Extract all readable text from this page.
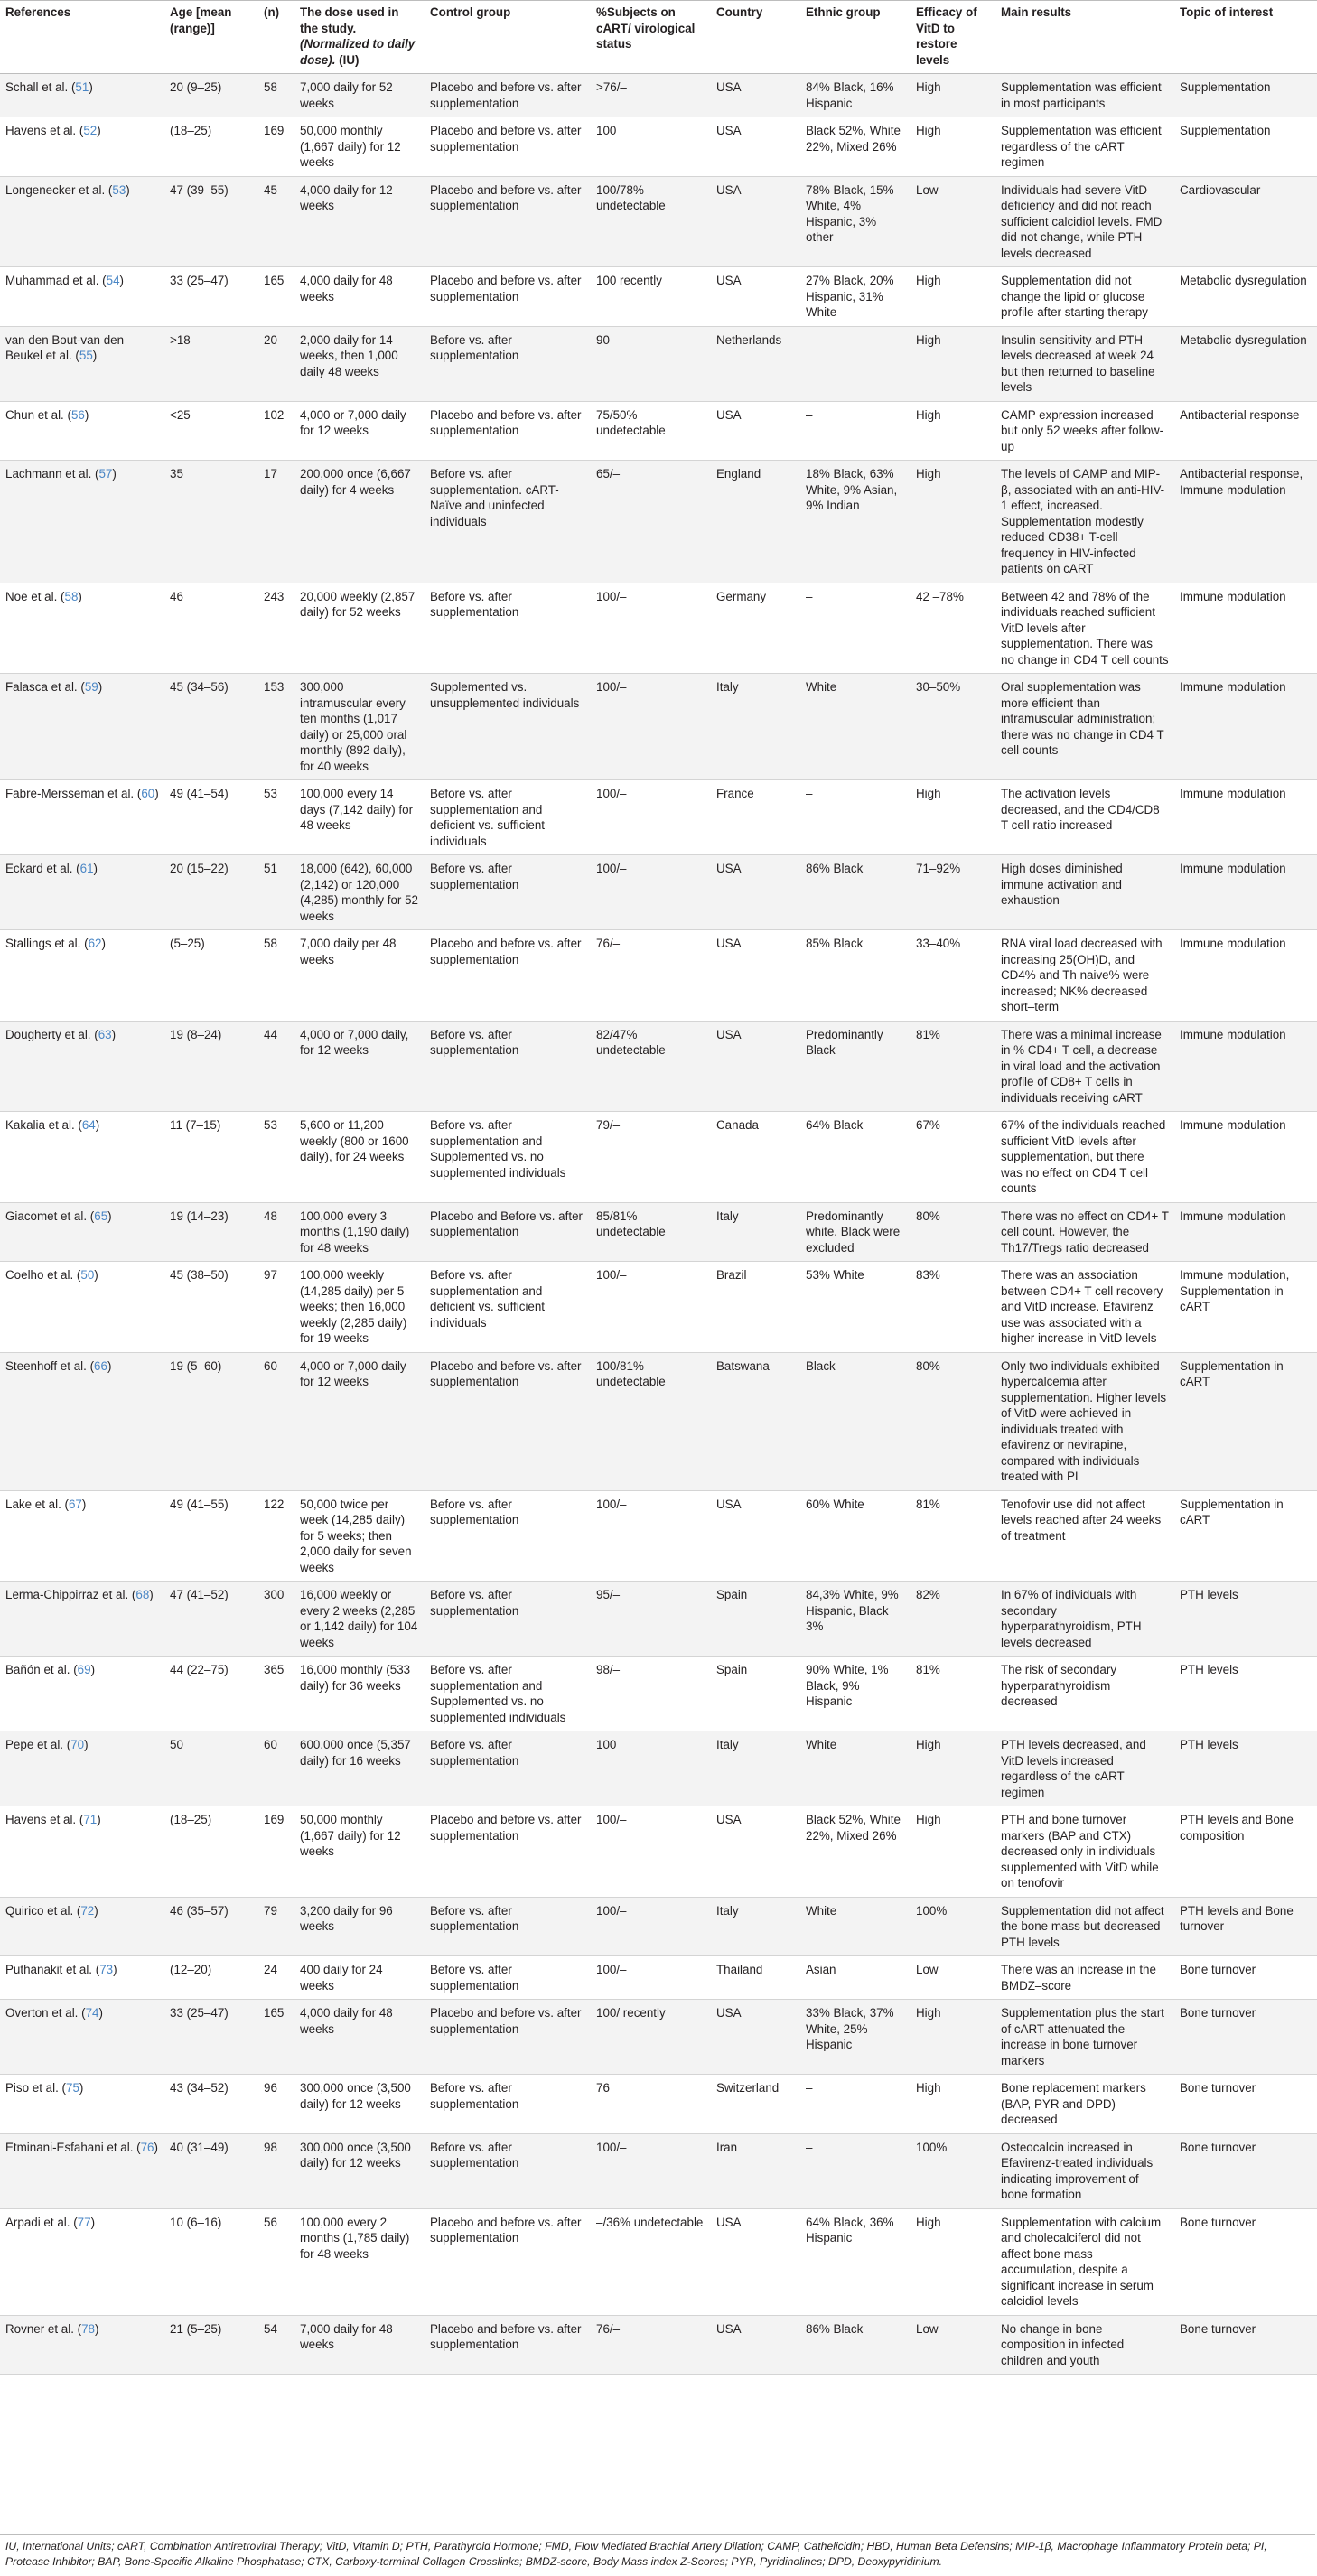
References	Age [mean (range)]	(n)	The dose used in the study. (Normalized to daily dose). (IU)	Control group	%Subjects on cART/ virological status	Country	Ethnic group	Efficacy of VitD to restore levels	Main results	Topic of interest
Schall et al. (51)	20 (9–25)	58	7,000 daily for 52 weeks	Placebo and before vs. after supplementation	>76/–	USA	84% Black, 16% Hispanic	High	Supplementation was efficient in most participants	Supplementation
Havens et al. (52)	(18–25)	169	50,000 monthly (1,667 daily) for 12 weeks	Placebo and before vs. after supplementation	100	USA	Black 52%, White 22%, Mixed 26%	High	Supplementation was efficient regardless of the cART regimen	Supplementation
Longenecker et al. (53)	47 (39–55)	45	4,000 daily for 12 weeks	Placebo and before vs. after supplementation	100/78% undetectable	USA	78% Black, 15% White, 4% Hispanic, 3% other	Low	Individuals had severe VitD deficiency and did not reach sufficient calcidiol levels. FMD did not change, while PTH levels decreased	Cardiovascular
Muhammad et al. (54)	33 (25–47)	165	4,000 daily for 48 weeks	Placebo and before vs. after supplementation	100 recently	USA	27% Black, 20% Hispanic, 31% White	High	Supplementation did not change the lipid or glucose profile after starting therapy	Metabolic dysregulation
van den Bout-van den Beukel et al. (55)	>18	20	2,000 daily for 14 weeks, then 1,000 daily 48 weeks	Before vs. after supplementation	90	Netherlands	–	High	Insulin sensitivity and PTH levels decreased at week 24 but then returned to baseline levels	Metabolic dysregulation
Chun et al. (56)	<25	102	4,000 or 7,000 daily for 12 weeks	Placebo and before vs. after supplementation	75/50% undetectable	USA	–	High	CAMP expression increased but only 52 weeks after follow-up	Antibacterial response
Lachmann et al. (57)	35	17	200,000 once (6,667 daily) for 4 weeks	Before vs. after supplementation. cART-Naïve and uninfected individuals	65/–	England	18% Black, 63% White, 9% Asian, 9% Indian	High	The levels of CAMP and MIP-β, associated with an anti-HIV-1 effect, increased. Supplementation modestly reduced CD38+ T-cell frequency in HIV-infected patients on cART	Antibacterial response, Immune modulation
Noe et al. (58)	46	243	20,000 weekly (2,857 daily) for 52 weeks	Before vs. after supplementation	100/–	Germany	–	42 –78%	Between 42 and 78% of the individuals reached sufficient VitD levels after supplementation. There was no change in CD4 T cell counts	Immune modulation
Falasca et al. (59)	45 (34–56)	153	300,000 intramuscular every ten months (1,017 daily) or 25,000 oral monthly (892 daily), for 40 weeks	Supplemented vs. unsupplemented individuals	100/–	Italy	White	30–50%	Oral supplementation was more efficient than intramuscular administration; there was no change in CD4 T cell counts	Immune modulation
Fabre-Mersseman et al. (60)	49 (41–54)	53	100,000 every 14 days (7,142 daily) for 48 weeks	Before vs. after supplementation and deficient vs. sufficient individuals	100/–	France	–	High	The activation levels decreased, and the CD4/CD8 T cell ratio increased	Immune modulation
Eckard et al. (61)	20 (15–22)	51	18,000 (642), 60,000 (2,142) or 120,000 (4,285) monthly for 52 weeks	Before vs. after supplementation	100/–	USA	86% Black	71–92%	High doses diminished immune activation and exhaustion	Immune modulation
Stallings et al. (62)	(5–25)	58	7,000 daily per 48 weeks	Placebo and before vs. after supplementation	76/–	USA	85% Black	33–40%	RNA viral load decreased with increasing 25(OH)D, and CD4% and Th naive% were increased; NK% decreased short–term	Immune modulation
Dougherty et al. (63)	19 (8–24)	44	4,000 or 7,000 daily, for 12 weeks	Before vs. after supplementation	82/47% undetectable	USA	Predominantly Black	81%	There was a minimal increase in % CD4+ T cell, a decrease in viral load and the activation profile of CD8+ T cells in individuals receiving cART	Immune modulation
Kakalia et al. (64)	11 (7–15)	53	5,600 or 11,200 weekly (800 or 1600 daily), for 24 weeks	Before vs. after supplementation and Supplemented vs. no supplemented individuals	79/–	Canada	64% Black	67%	67% of the individuals reached sufficient VitD levels after supplementation, but there was no effect on CD4 T cell counts	Immune modulation
Giacomet et al. (65)	19 (14–23)	48	100,000 every 3 months (1,190 daily) for 48 weeks	Placebo and Before vs. after supplementation	85/81% undetectable	Italy	Predominantly white. Black were excluded	80%	There was no effect on CD4+ T cell count. However, the Th17/Tregs ratio decreased	Immune modulation
Coelho et al. (50)	45 (38–50)	97	100,000 weekly (14,285 daily) per 5 weeks; then 16,000 weekly (2,285 daily) for 19 weeks	Before vs. after supplementation and deficient vs. sufficient individuals	100/–	Brazil	53% White	83%	There was an association between CD4+ T cell recovery and VitD increase. Efavirenz use was associated with a higher increase in VitD levels	Immune modulation, Supplementation in cART
Steenhoff et al. (66)	19 (5–60)	60	4,000 or 7,000 daily for 12 weeks	Placebo and before vs. after supplementation	100/81% undetectable	Batswana	Black	80%	Only two individuals exhibited hypercalcemia after supplementation. Higher levels of VitD were achieved in individuals treated with efavirenz or nevirapine, compared with individuals treated with PI	Supplementation in cART
Lake et al. (67)	49 (41–55)	122	50,000 twice per week (14,285 daily) for 5 weeks; then 2,000 daily for seven weeks	Before vs. after supplementation	100/–	USA	60% White	81%	Tenofovir use did not affect levels reached after 24 weeks of treatment	Supplementation in cART
Lerma-Chippirraz et al. (68)	47 (41–52)	300	16,000 weekly or every 2 weeks (2,285 or 1,142 daily) for 104 weeks	Before vs. after supplementation	95/–	Spain	84,3% White, 9% Hispanic, Black 3%	82%	In 67% of individuals with secondary hyperparathyroidism, PTH levels decreased	PTH levels
Bañón et al. (69)	44 (22–75)	365	16,000 monthly (533 daily) for 36 weeks	Before vs. after supplementation and Supplemented vs. no supplemented individuals	98/–	Spain	90% White, 1% Black, 9% Hispanic	81%	The risk of secondary hyperparathyroidism decreased	PTH levels
Pepe et al. (70)	50	60	600,000 once (5,357 daily) for 16 weeks	Before vs. after supplementation	100	Italy	White	High	PTH levels decreased, and VitD levels increased regardless of the cART regimen	PTH levels
Havens et al. (71)	(18–25)	169	50,000 monthly (1,667 daily) for 12 weeks	Placebo and before vs. after supplementation	100/–	USA	Black 52%, White 22%, Mixed 26%	High	PTH and bone turnover markers (BAP and CTX) decreased only in individuals supplemented with VitD while on tenofovir	PTH levels and Bone composition
Quirico et al. (72)	46 (35–57)	79	3,200 daily for 96 weeks	Before vs. after supplementation	100/–	Italy	White	100%	Supplementation did not affect the bone mass but decreased PTH levels	PTH levels and Bone turnover
Puthanakit et al. (73)	(12–20)	24	400 daily for 24 weeks	Before vs. after supplementation	100/–	Thailand	Asian	Low	There was an increase in the BMDZ–score	Bone turnover
Overton et al. (74)	33 (25–47)	165	4,000 daily for 48 weeks	Placebo and before vs. after supplementation	100/ recently	USA	33% Black, 37% White, 25% Hispanic	High	Supplementation plus the start of cART attenuated the increase in bone turnover markers	Bone turnover
Piso et al. (75)	43 (34–52)	96	300,000 once (3,500 daily) for 12 weeks	Before vs. after supplementation	76	Switzerland	–	High	Bone replacement markers (BAP, PYR and DPD) decreased	Bone turnover
Etminani-Esfahani et al. (76)	40 (31–49)	98	300,000 once (3,500 daily) for 12 weeks	Before vs. after supplementation	100/–	Iran	–	100%	Osteocalcin increased in Efavirenz-treated individuals indicating improvement of bone formation	Bone turnover
Arpadi et al. (77)	10 (6–16)	56	100,000 every 2 months (1,785 daily) for 48 weeks	Placebo and before vs. after supplementation	–/36% undetectable	USA	64% Black, 36% Hispanic	High	Supplementation with calcium and cholecalciferol did not affect bone mass accumulation, despite a significant increase in serum calcidiol levels	Bone turnover
Rovner et al. (78)	21 (5–25)	54	7,000 daily for 48 weeks	Placebo and before vs. after supplementation	76/–	USA	86% Black	Low	No change in bone composition in infected children and youth	Bone turnover
IU, International Units; cART, Combination Antiretroviral Therapy; VitD, Vitamin D; PTH, Parathyroid Hormone; FMD, Flow Mediated Brachial Artery Dilation; CAMP, Cathelicidin; HBD, Human Beta Defensins; MIP-1β, Macrophage Inflammatory Protein beta; PI, Protease Inhibitor; BAP, Bone-Specific Alkaline Phosphatase; CTX, Carboxy-terminal Collagen Crosslinks; BMDZ-score, Body Mass index Z-Scores; PYR, Pyridinolines; DPD, Deoxypyridinium.
